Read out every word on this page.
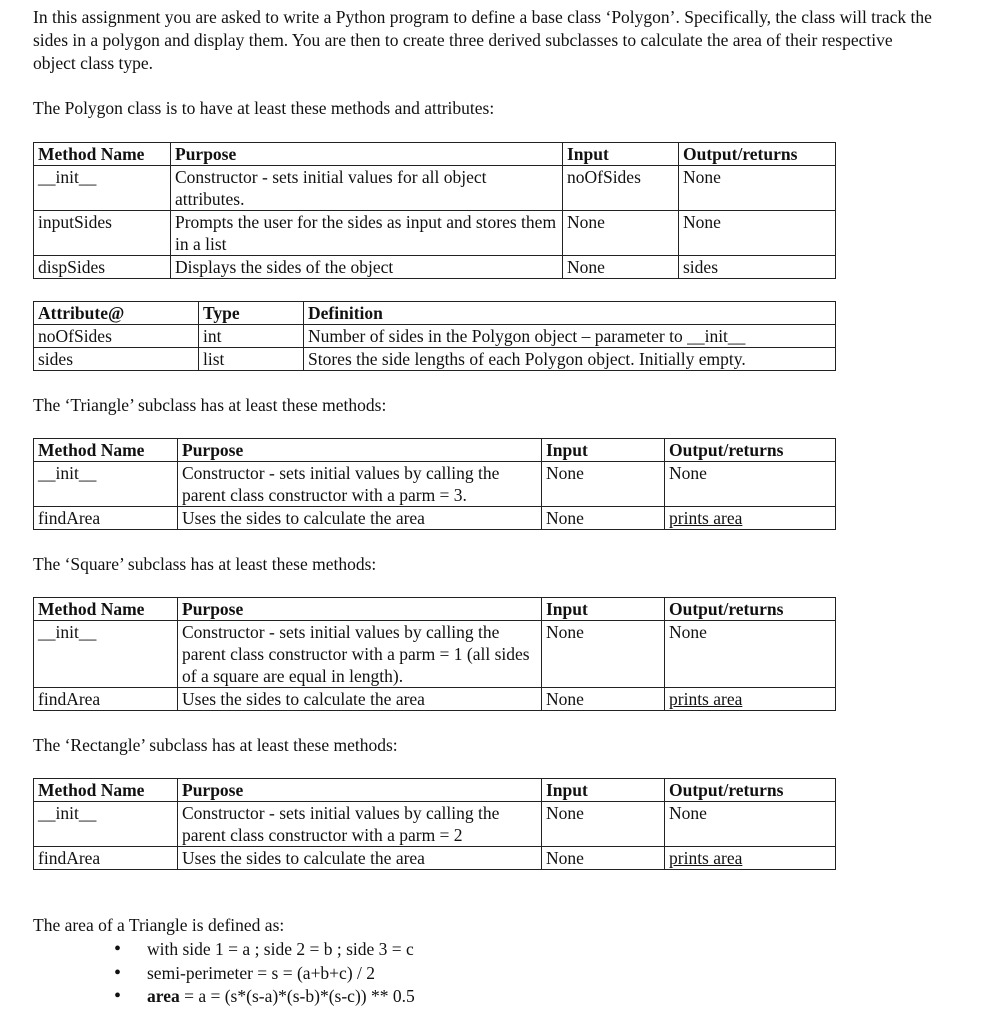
In this assignment you are asked to write a Python program to define a base class ‘Polygon’. Specifically, the class will track the sides in a polygon and display them. You are then to create three derived subclasses to calculate the area of their respective object class type.
The Polygon class is to have at least these methods and attributes:
Method Name	Purpose	Input	Output/returns
__init__	Constructor - sets initial values for all object attributes.	noOfSides	None
inputSides	Prompts the user for the sides as input and stores them in a list	None	None
dispSides	Displays the sides of the object	None	sides
Attribute@	Type	Definition
noOfSides	int	Number of sides in the Polygon object – parameter to __init__
sides	list	Stores the side lengths of each Polygon object. Initially empty.
The ‘Triangle’ subclass has at least these methods:
Method Name	Purpose	Input	Output/returns
__init__	Constructor - sets initial values by calling the parent class constructor with a parm = 3.	None	None
findArea	Uses the sides to calculate the area	None	prints area
The ‘Square’ subclass has at least these methods:
Method Name	Purpose	Input	Output/returns
__init__	Constructor - sets initial values by calling the parent class constructor with a parm = 1 (all sides of a square are equal in length).	None	None
findArea	Uses the sides to calculate the area	None	prints area
The ‘Rectangle’ subclass has at least these methods:
Method Name	Purpose	Input	Output/returns
__init__	Constructor - sets initial values by calling the parent class constructor with a parm = 2	None	None
findArea	Uses the sides to calculate the area	None	prints area
The area of a Triangle is defined as:
• with side 1 = a ; side 2 = b ; side 3 = c
• semi-perimeter = s = (a+b+c) / 2
• area = a = (s*(s-a)*(s-b)*(s-c)) ** 0.5
